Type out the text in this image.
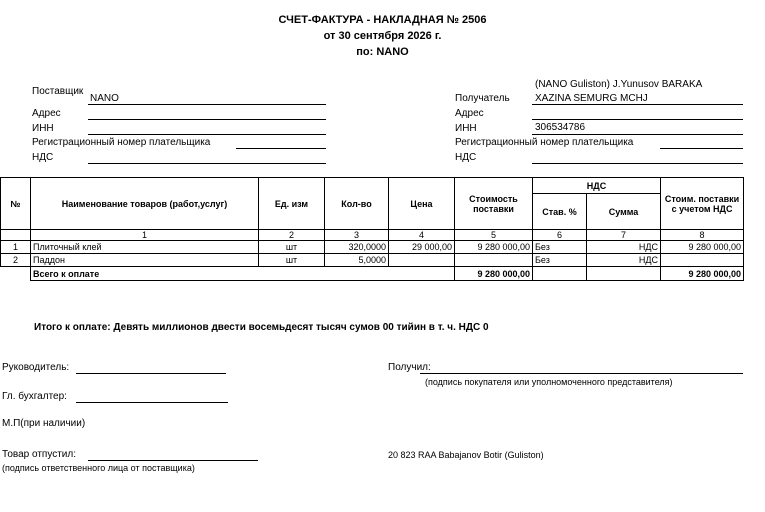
СЧЕТ-ФАКТУРА - НАКЛАДНАЯ № 2506
от 30 сентября 2026 г.
по: NANO
Поставщик
NANO
Адрес
ИНН
Регистрационный номер плательщика
НДС
(NANO Guliston) J.Yunusov BARAKA
Получатель	XAZINA SEMURG MCHJ
Адрес
ИНН	306534786
Регистрационный номер плательщика
НДС
№	Наименование товаров (работ,услуг)	Ед. изм	Кол-во	Цена	Стоимость поставки	НДС		Стоим. поставки с учетом НДС
						Став. %	Сумма	
	1	2	3	4	5	6	7	8
1	Плиточный клей	шт	320,0000	29 000,00	9 280 000,00	Без	НДС	9 280 000,00
2	Паддон	шт	5,0000			Без	НДС	
	Всего к оплате				9 280 000,00			9 280 000,00
Итого к оплате: Девять миллионов двести восемьдесят тысяч сумов 00 тийин в т. ч. НДС 0
Руководитель:	Получил:
(подпись покупателя или уполномоченного представителя)
Гл. бухгалтер:
М.П(при наличии)
Товар отпустил:
(подпись ответственного лица от поставщика)
20 823 RAA Babajanov Botir (Guliston)
